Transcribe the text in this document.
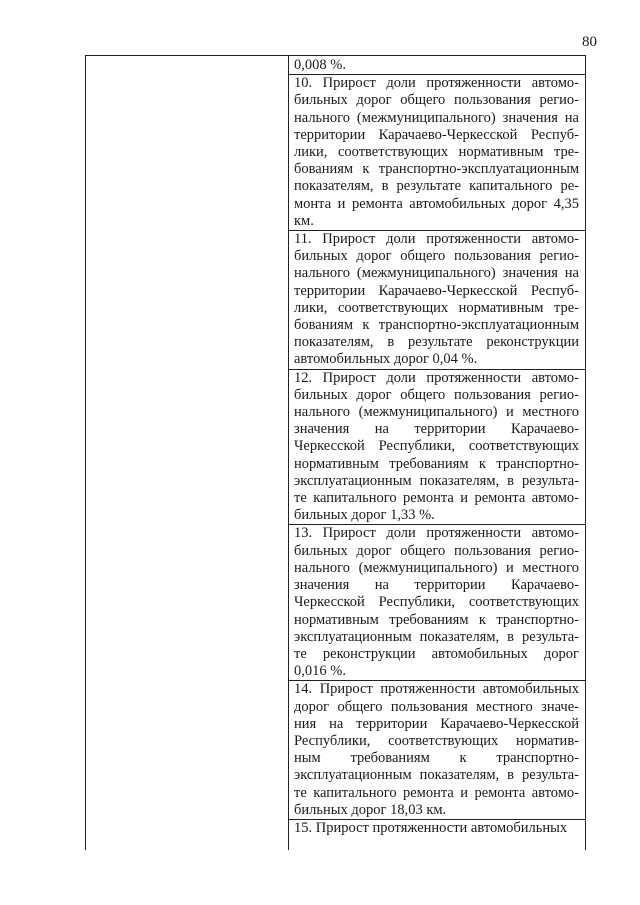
80
0,008 %.
10. Прирост доли протяженности автомо-
бильных дорог общего пользования регио-
нального (межмуниципального) значения на
территории Карачаево-Черкесской Респуб-
лики, соответствующих нормативным тре-
бованиям к транспортно-эксплуатационным
показателям, в результате капитального ре-
монта и ремонта автомобильных дорог 4,35
км.
11. Прирост доли протяженности автомо-
бильных дорог общего пользования регио-
нального (межмуниципального) значения на
территории Карачаево-Черкесской Респуб-
лики, соответствующих нормативным тре-
бованиям к транспортно-эксплуатационным
показателям, в результате реконструкции
автомобильных дорог 0,04 %.
12. Прирост доли протяженности автомо-
бильных дорог общего пользования регио-
нального (межмуниципального) и местного
значения на территории Карачаево-
Черкесской Республики, соответствующих
нормативным требованиям к транспортно-
эксплуатационным показателям, в результа-
те капитального ремонта и ремонта автомо-
бильных дорог 1,33 %.
13. Прирост доли протяженности автомо-
бильных дорог общего пользования регио-
нального (межмуниципального) и местного
значения на территории Карачаево-
Черкесской Республики, соответствующих
нормативным требованиям к транспортно-
эксплуатационным показателям, в результа-
те реконструкции автомобильных дорог
0,016 %.
14. Прирост протяженности автомобильных
дорог общего пользования местного значе-
ния на территории Карачаево-Черкесской
Республики, соответствующих норматив-
ным требованиям к транспортно-
эксплуатационным показателям, в результа-
те капитального ремонта и ремонта автомо-
бильных дорог 18,03 км.
15. Прирост протяженности автомобильных
